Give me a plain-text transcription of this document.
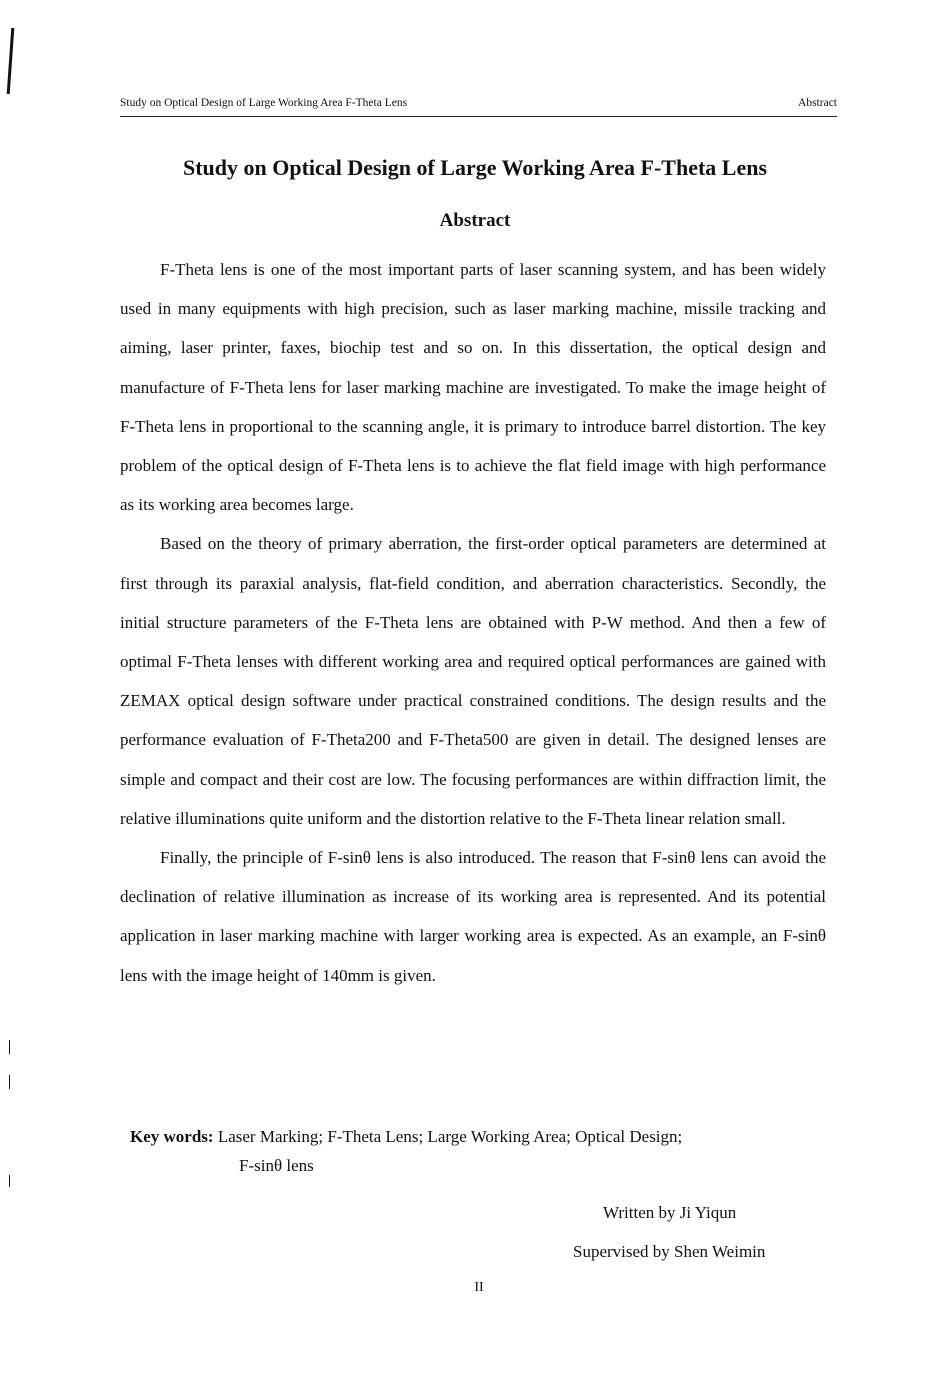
Study on Optical Design of Large Working Area F-Theta Lens	Abstract
Study on Optical Design of Large Working Area F-Theta Lens
Abstract

F-Theta lens is one of the most important parts of laser scanning system, and has been widely used in many equipments with high precision, such as laser marking machine, missile tracking and aiming, laser printer, faxes, biochip test and so on. In this dissertation, the optical design and manufacture of F-Theta lens for laser marking machine are investigated. To make the image height of F-Theta lens in proportional to the scanning angle, it is primary to introduce barrel distortion. The key problem of the optical design of F-Theta lens is to achieve the flat field image with high performance as its working area becomes large.

Based on the theory of primary aberration, the first-order optical parameters are determined at first through its paraxial analysis, flat-field condition, and aberration characteristics. Secondly, the initial structure parameters of the F-Theta lens are obtained with P-W method. And then a few of optimal F-Theta lenses with different working area and required optical performances are gained with ZEMAX optical design software under practical constrained conditions. The design results and the performance evaluation of F-Theta200 and F-Theta500 are given in detail. The designed lenses are simple and compact and their cost are low. The focusing performances are within diffraction limit, the relative illuminations quite uniform and the distortion relative to the F-Theta linear relation small.

Finally, the principle of F-sinθ lens is also introduced. The reason that F-sinθ lens can avoid the declination of relative illumination as increase of its working area is represented. And its potential application in laser marking machine with larger working area is expected. As an example, an F-sinθ lens with the image height of 140mm is given.

Key words: Laser Marking; F-Theta Lens; Large Working Area; Optical Design;
F-sinθ lens
Written by Ji Yiqun
Supervised by Shen Weimin
II
